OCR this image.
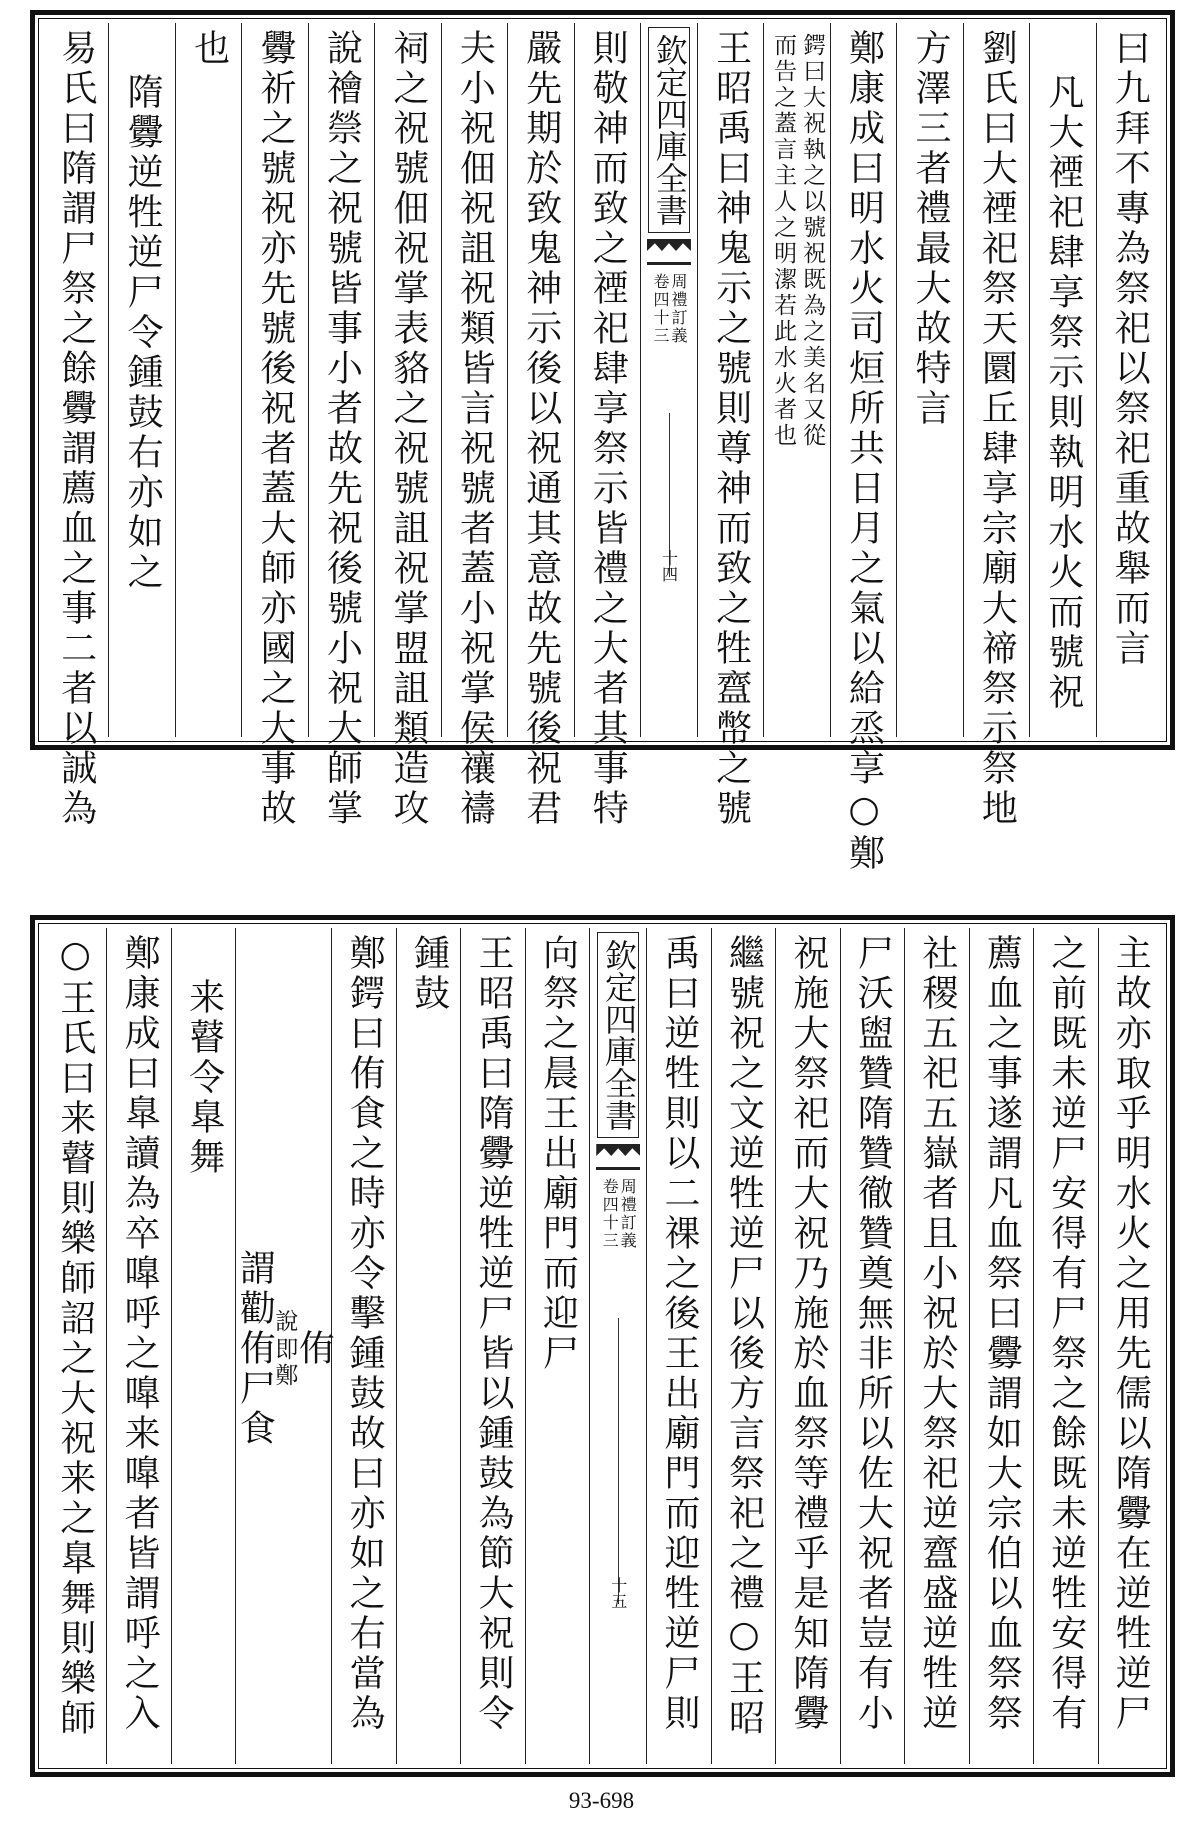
曰九拜不專為祭祀以祭祀重故舉而言
凡大禋祀肆享祭示則執明水火而號祝
劉氏曰大禋祀祭天圜丘肆享宗廟大禘祭示祭地
方澤三者禮最大故特言
鄭康成曰明水火司烜所共日月之氣以給烝享○鄭
鍔曰大祝執之以號祝既為之美名又從
而告之蓋言主人之明潔若此水火者也
王昭禹曰神鬼示之號則尊神而致之牲齍幣之號
欽定四庫全書
周禮訂義
卷四十三
十四
則敬神而致之禋祀肆享祭示皆禮之大者其事特
嚴先期於致鬼神示後以祝通其意故先號後祝君
夫小祝佃祝詛祝類皆言祝號者蓋小祝掌侯禳禱
祠之祝號佃祝掌表貉之祝號詛祝掌盟詛類造攻
說禬禜之祝號皆事小者故先祝後號小祝大師掌
釁祈之號祝亦先號後祝者蓋大師亦國之大事故
也
隋釁逆牲逆尸令鍾鼓右亦如之
易氏曰隋謂尸祭之餘釁謂薦血之事二者以誠為
主故亦取乎明水火之用先儒以隋釁在逆牲逆尸
之前既未逆尸安得有尸祭之餘既未逆牲安得有
薦血之事遂謂凡血祭曰釁謂如大宗伯以血祭祭
社稷五祀五嶽者且小祝於大祭祀逆齍盛逆牲逆
尸沃盥贊隋贊徹贊奠無非所以佐大祝者豈有小
祝施大祭祀而大祝乃施於血祭等禮乎是知隋釁
繼號祝之文逆牲逆尸以後方言祭祀之禮○王昭
禹曰逆牲則以二祼之後王出廟門而迎牲逆尸則
欽定四庫全書
周禮訂義
卷四十三
十五
向祭之晨王出廟門而迎尸
王昭禹曰隋釁逆牲逆尸皆以鍾鼓為節大祝則令
鍾鼓
鄭鍔曰侑食之時亦令擊鍾鼓故曰亦如之右當為
侑
即鄭
說
謂勸侑尸食
来瞽令臯舞
鄭康成曰臯讀為卒嘷呼之嘷来嘷者皆謂呼之入
○王氏曰来瞽則樂師詔之大祝来之臯舞則樂師
93-698
